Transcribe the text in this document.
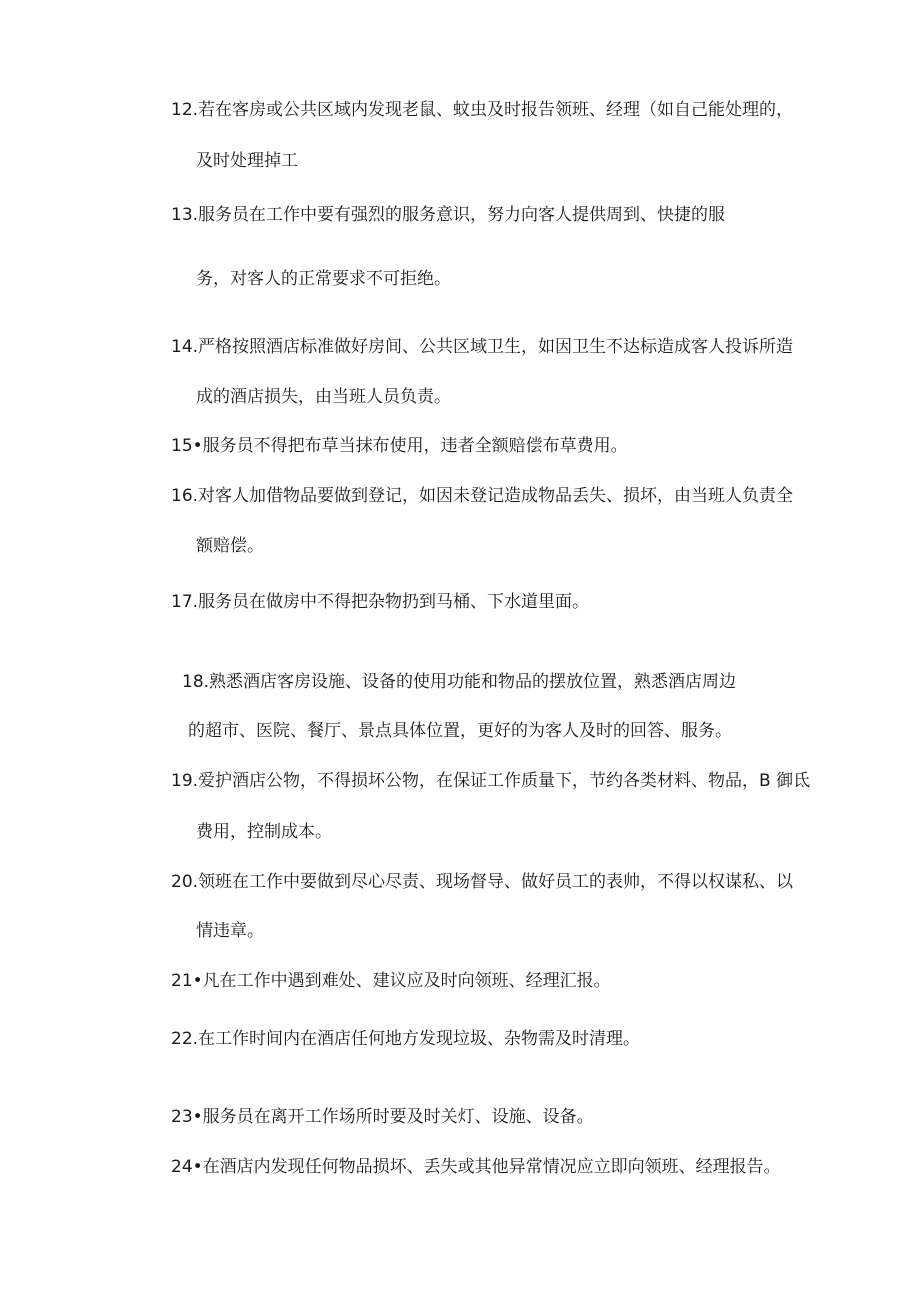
12.若在客房或公共区域内发现老鼠、蚊虫及时报告领班、经理（如自己能处理的，
及时处理掉工
13.服务员在工作中要有强烈的服务意识，努力向客人提供周到、快捷的服
务，对客人的正常要求不可拒绝。
14.严格按照酒店标准做好房间、公共区域卫生，如因卫生不达标造成客人投诉所造
成的酒店损失，由当班人员负责。
15•服务员不得把布草当抹布使用，违者全额赔偿布草费用。
16.对客人加借物品要做到登记，如因未登记造成物品丢失、损坏，由当班人负责全
额赔偿。
17.服务员在做房中不得把杂物扔到马桶、下水道里面。
18.熟悉酒店客房设施、设备的使用功能和物品的摆放位置，熟悉酒店周边
的超市、医院、餐厅、景点具体位置，更好的为客人及时的回答、服务。
19.爱护酒店公物，不得损坏公物，在保证工作质量下，节约各类材料、物品，B 御氐
费用，控制成本。
20.领班在工作中要做到尽心尽责、现场督导、做好员工的表帅，不得以权谋私、以
情违章。
21•凡在工作中遇到难处、建议应及时向领班、经理汇报。
22.在工作时间内在酒店任何地方发现垃圾、杂物需及时清理。
23•服务员在离开工作场所时要及时关灯、设施、设备。
24•在酒店内发现任何物品损坏、丢失或其他异常情况应立即向领班、经理报告。
